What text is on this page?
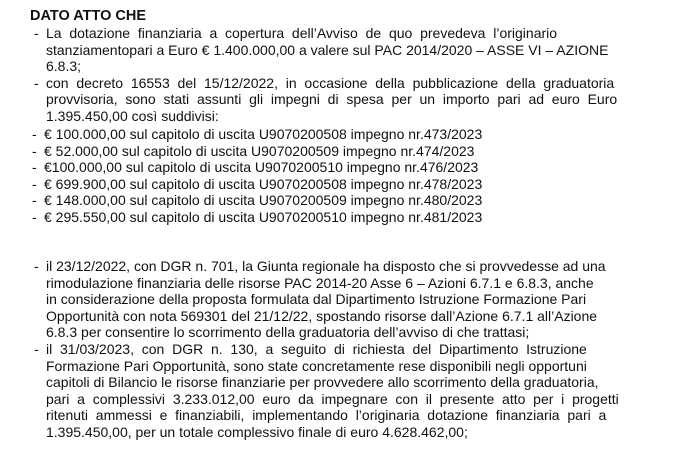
DATO ATTO CHE
- La  dotazione  finanziaria  a  copertura  dell’Avviso  de  quo  prevedeva  l’originario
stanziamentopari a Euro € 1.400.000,00 a valere sul PAC 2014/2020 – ASSE VI – AZIONE
6.8.3;
- con  decreto  16553  del  15/12/2022,  in  occasione  della  pubblicazione  della  graduatoria
provvisoria,  sono  stati  assunti  gli  impegni  di  spesa  per  un  importo  pari  ad  euro  Euro
1.395.450,00 così suddivisi:
- € 100.000,00 sul capitolo di uscita U9070200508 impegno nr.473/2023
- € 52.000,00 sul capitolo di uscita U9070200509 impegno nr.474/2023
- €100.000,00 sul capitolo di uscita U9070200510 impegno nr.476/2023
- € 699.900,00 sul capitolo di uscita U9070200508 impegno nr.478/2023
- € 148.000,00 sul capitolo di uscita U9070200509 impegno nr.480/2023
- € 295.550,00 sul capitolo di uscita U9070200510 impegno nr.481/2023
- il 23/12/2022, con DGR n. 701, la Giunta regionale ha disposto che si provvedesse ad una
rimodulazione finanziaria delle risorse PAC 2014-20 Asse 6 – Azioni 6.7.1 e 6.8.3, anche
in considerazione della proposta formulata dal Dipartimento Istruzione Formazione Pari
Opportunità con nota 569301 del 21/12/22, spostando risorse dall’Azione 6.7.1 all’Azione
6.8.3 per consentire lo scorrimento della graduatoria dell’avviso di che trattasi;
- il  31/03/2023,  con  DGR  n.  130,  a  seguito  di  richiesta  del  Dipartimento  Istruzione
Formazione Pari Opportunità, sono state concretamente rese disponibili negli opportuni
capitoli di Bilancio le risorse finanziarie per provvedere allo scorrimento della graduatoria,
pari  a  complessivi  3.233.012,00  euro  da  impegnare  con  il  presente  atto  per  i  progetti
ritenuti  ammessi  e  finanziabili,  implementando  l’originaria  dotazione  finanziaria  pari  a
1.395.450,00, per un totale complessivo finale di euro 4.628.462,00;
